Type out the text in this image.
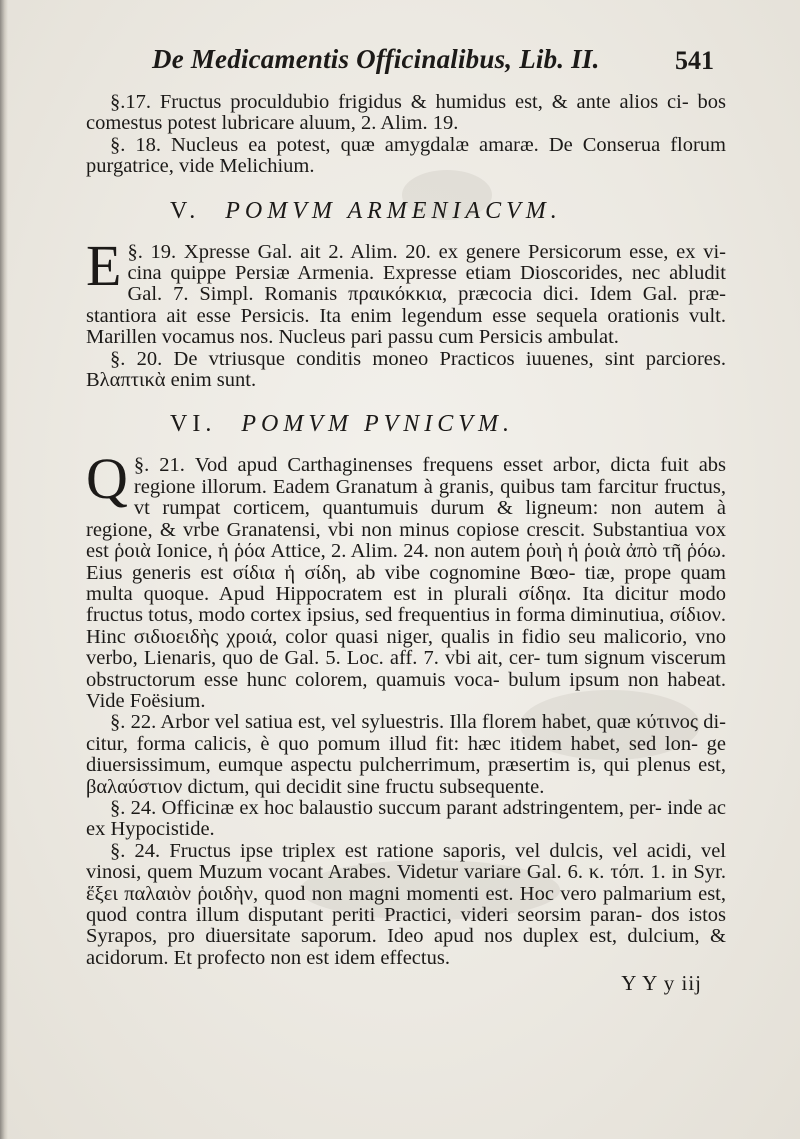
De Medicamentis Officinalibus, Lib. II.	541

§.17. Fructus proculdubio frigidus & humidus est, & ante alios ci- bos comestus potest lubricare aluum, 2. Alim. 19.

§. 18. Nucleus ea potest, quæ amygdalæ amaræ. De Conserua florum purgatrice, vide Melichium.

V. POMVM ARMENIACVM.

§. 19.
E	Xpresse Gal. ait 2. Alim. 20. ex genere Persicorum esse, ex vi- cina quippe Persiæ Armenia. Expresse etiam Dioscorides, nec abludit Gal. 7. Simpl. Romanis πραικόκκια, præcocia dici. Idem Gal. præ- stantiora ait esse Persicis. Ita enim legendum esse sequela orationis vult. Marillen vocamus nos. Nucleus pari passu cum Persicis ambulat.

§. 20. De vtriusque conditis moneo Practicos iuuenes, sint parciores. Βλαπτικὰ enim sunt.

VI. POMVM PVNICVM.

§. 21.
Q	Vod apud Carthaginenses frequens esset arbor, dicta fuit abs regione illorum. Eadem Granatum à granis, quibus tam farcitur fructus, vt rumpat corticem, quantumuis durum & ligneum: non autem à regione, & vrbe Granatensi, vbi non minus copiose crescit. Substantiua vox est ῥοιὰ Ionice, ἡ ῥόα Attice, 2. Alim. 24. non autem ῥοιὴ ἡ ῥοιὰ ἀπὸ τῆ ῥόω. Eius generis est σίδια ἡ σίδη, ab vibe cognomine Bœo- tiæ, prope quam multa quoque. Apud Hippocratem est in plurali σίδηα. Ita dicitur modo fructus totus, modo cortex ipsius, sed frequentius in forma diminutiua, σίδιον. Hinc σιδιοειδὴς χροιά, color quasi niger, qualis in fidio seu malicorio, vno verbo, Lienaris, quo de Gal. 5. Loc. aff. 7. vbi ait, cer- tum signum viscerum obstructorum esse hunc colorem, quamuis voca- bulum ipsum non habeat. Vide Foësium.

§. 22. Arbor vel satiua est, vel syluestris. Illa florem habet, quæ κύτινος di- citur, forma calicis, è quo pomum illud fit: hæc itidem habet, sed lon- ge diuersissimum, eumque aspectu pulcherrimum, præsertim is, qui plenus est, βαλαύστιον dictum, qui decidit sine fructu subsequente.

§. 24. Officinæ ex hoc balaustio succum parant adstringentem, per- inde ac ex Hypocistide.

§. 24. Fructus ipse triplex est ratione saporis, vel dulcis, vel acidi, vel vinosi, quem Muzum vocant Arabes. Videtur variare Gal. 6. κ. τόπ. 1. in Syr. ἕξει παλαιὸν ῥοιδὴν, quod non magni momenti est. Hoc vero palmarium est, quod contra illum disputant periti Practici, videri seorsim paran- dos istos Syrapos, pro diuersitate saporum. Ideo apud nos duplex est, dulcium, & acidorum. Et profecto non est idem effectus.

Y Y y iij
